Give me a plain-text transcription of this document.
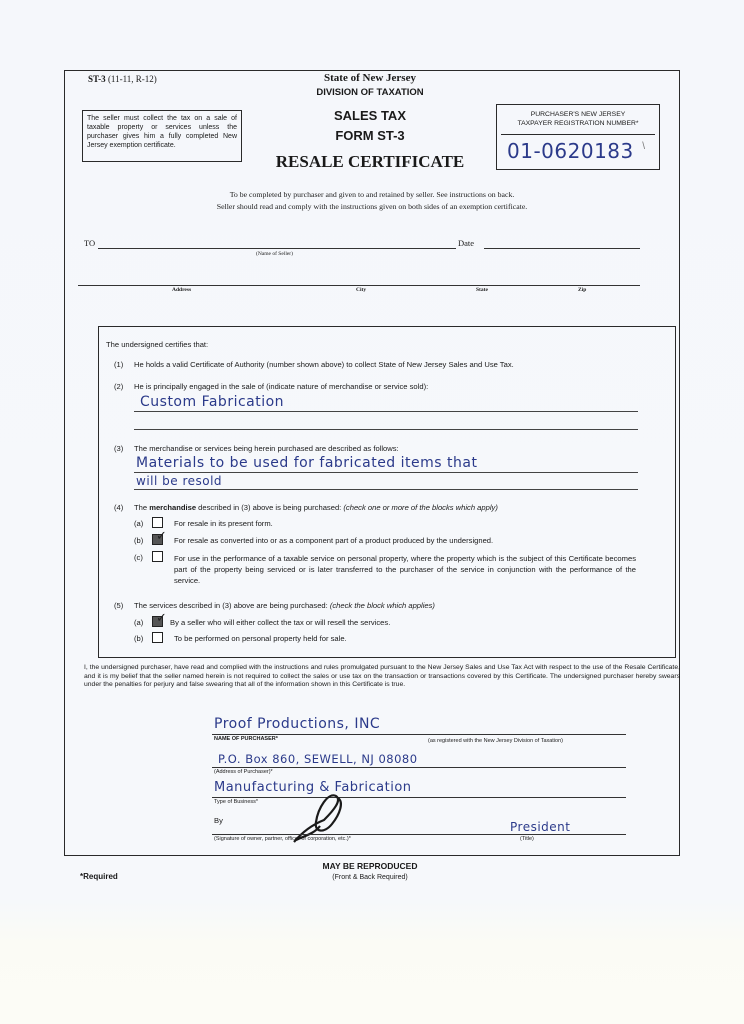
ST-3 (11-11, R-12)	State of New Jersey
DIVISION OF TAXATION
SALES TAX
FORM ST-3
RESALE CERTIFICATE
The seller must collect the tax on a sale of taxable property or services unless the purchaser gives him a fully completed New Jersey exemption certificate.
PURCHASER'S NEW JERSEY
TAXPAYER REGISTRATION NUMBER*
01-0620183 \
To be completed by purchaser and given to and retained by seller. See instructions on back.
Seller should read and comply with the instructions given on both sides of an exemption certificate.
TO	Date
(Name of Seller)
Address	City	State	Zip
The undersigned certifies that:
(1) He holds a valid Certificate of Authority (number shown above) to collect State of New Jersey Sales and Use Tax.
(2) He is principally engaged in the sale of (indicate nature of merchandise or service sold):
Custom Fabrication
(3) The merchandise or services being herein purchased are described as follows:
Materials to be used for fabricated items that
will be resold
(4) The merchandise described in (3) above is being purchased: (check one or more of the blocks which apply)
(a)	For resale in its present form.
(b) ✓ For resale as converted into or as a component part of a product produced by the undersigned.
(c)	For use in the performance of a taxable service on personal property, where the property which is the subject of this Certificate becomes part of the property being serviced or is later transferred to the purchaser of the service in conjunction with the performance of the service.
(5) The services described in (3) above are being purchased: (check the block which applies)
(a) ✓ By a seller who will either collect the tax or will resell the services.
(b)	To be performed on personal property held for sale.
I, the undersigned purchaser, have read and complied with the instructions and rules promulgated pursuant to the New Jersey Sales and Use Tax Act with respect to the use of the Resale Certificate, and it is my belief that the seller named herein is not required to collect the sales or use tax on the transaction or transactions covered by this Certificate. The undersigned purchaser hereby swears under the penalties for perjury and false swearing that all of the information shown in this Certificate is true.
Proof Productions, INC
NAME OF PURCHASER*	(as registered with the New Jersey Division of Taxation)
P.O. Box 860, SEWELL, NJ 08080
(Address of Purchaser)*
Manufacturing & Fabrication
Type of Business*
By	President
(Signature of owner, partner, officer of corporation, etc.)*	(Title)
*Required
MAY BE REPRODUCED
(Front & Back Required)
